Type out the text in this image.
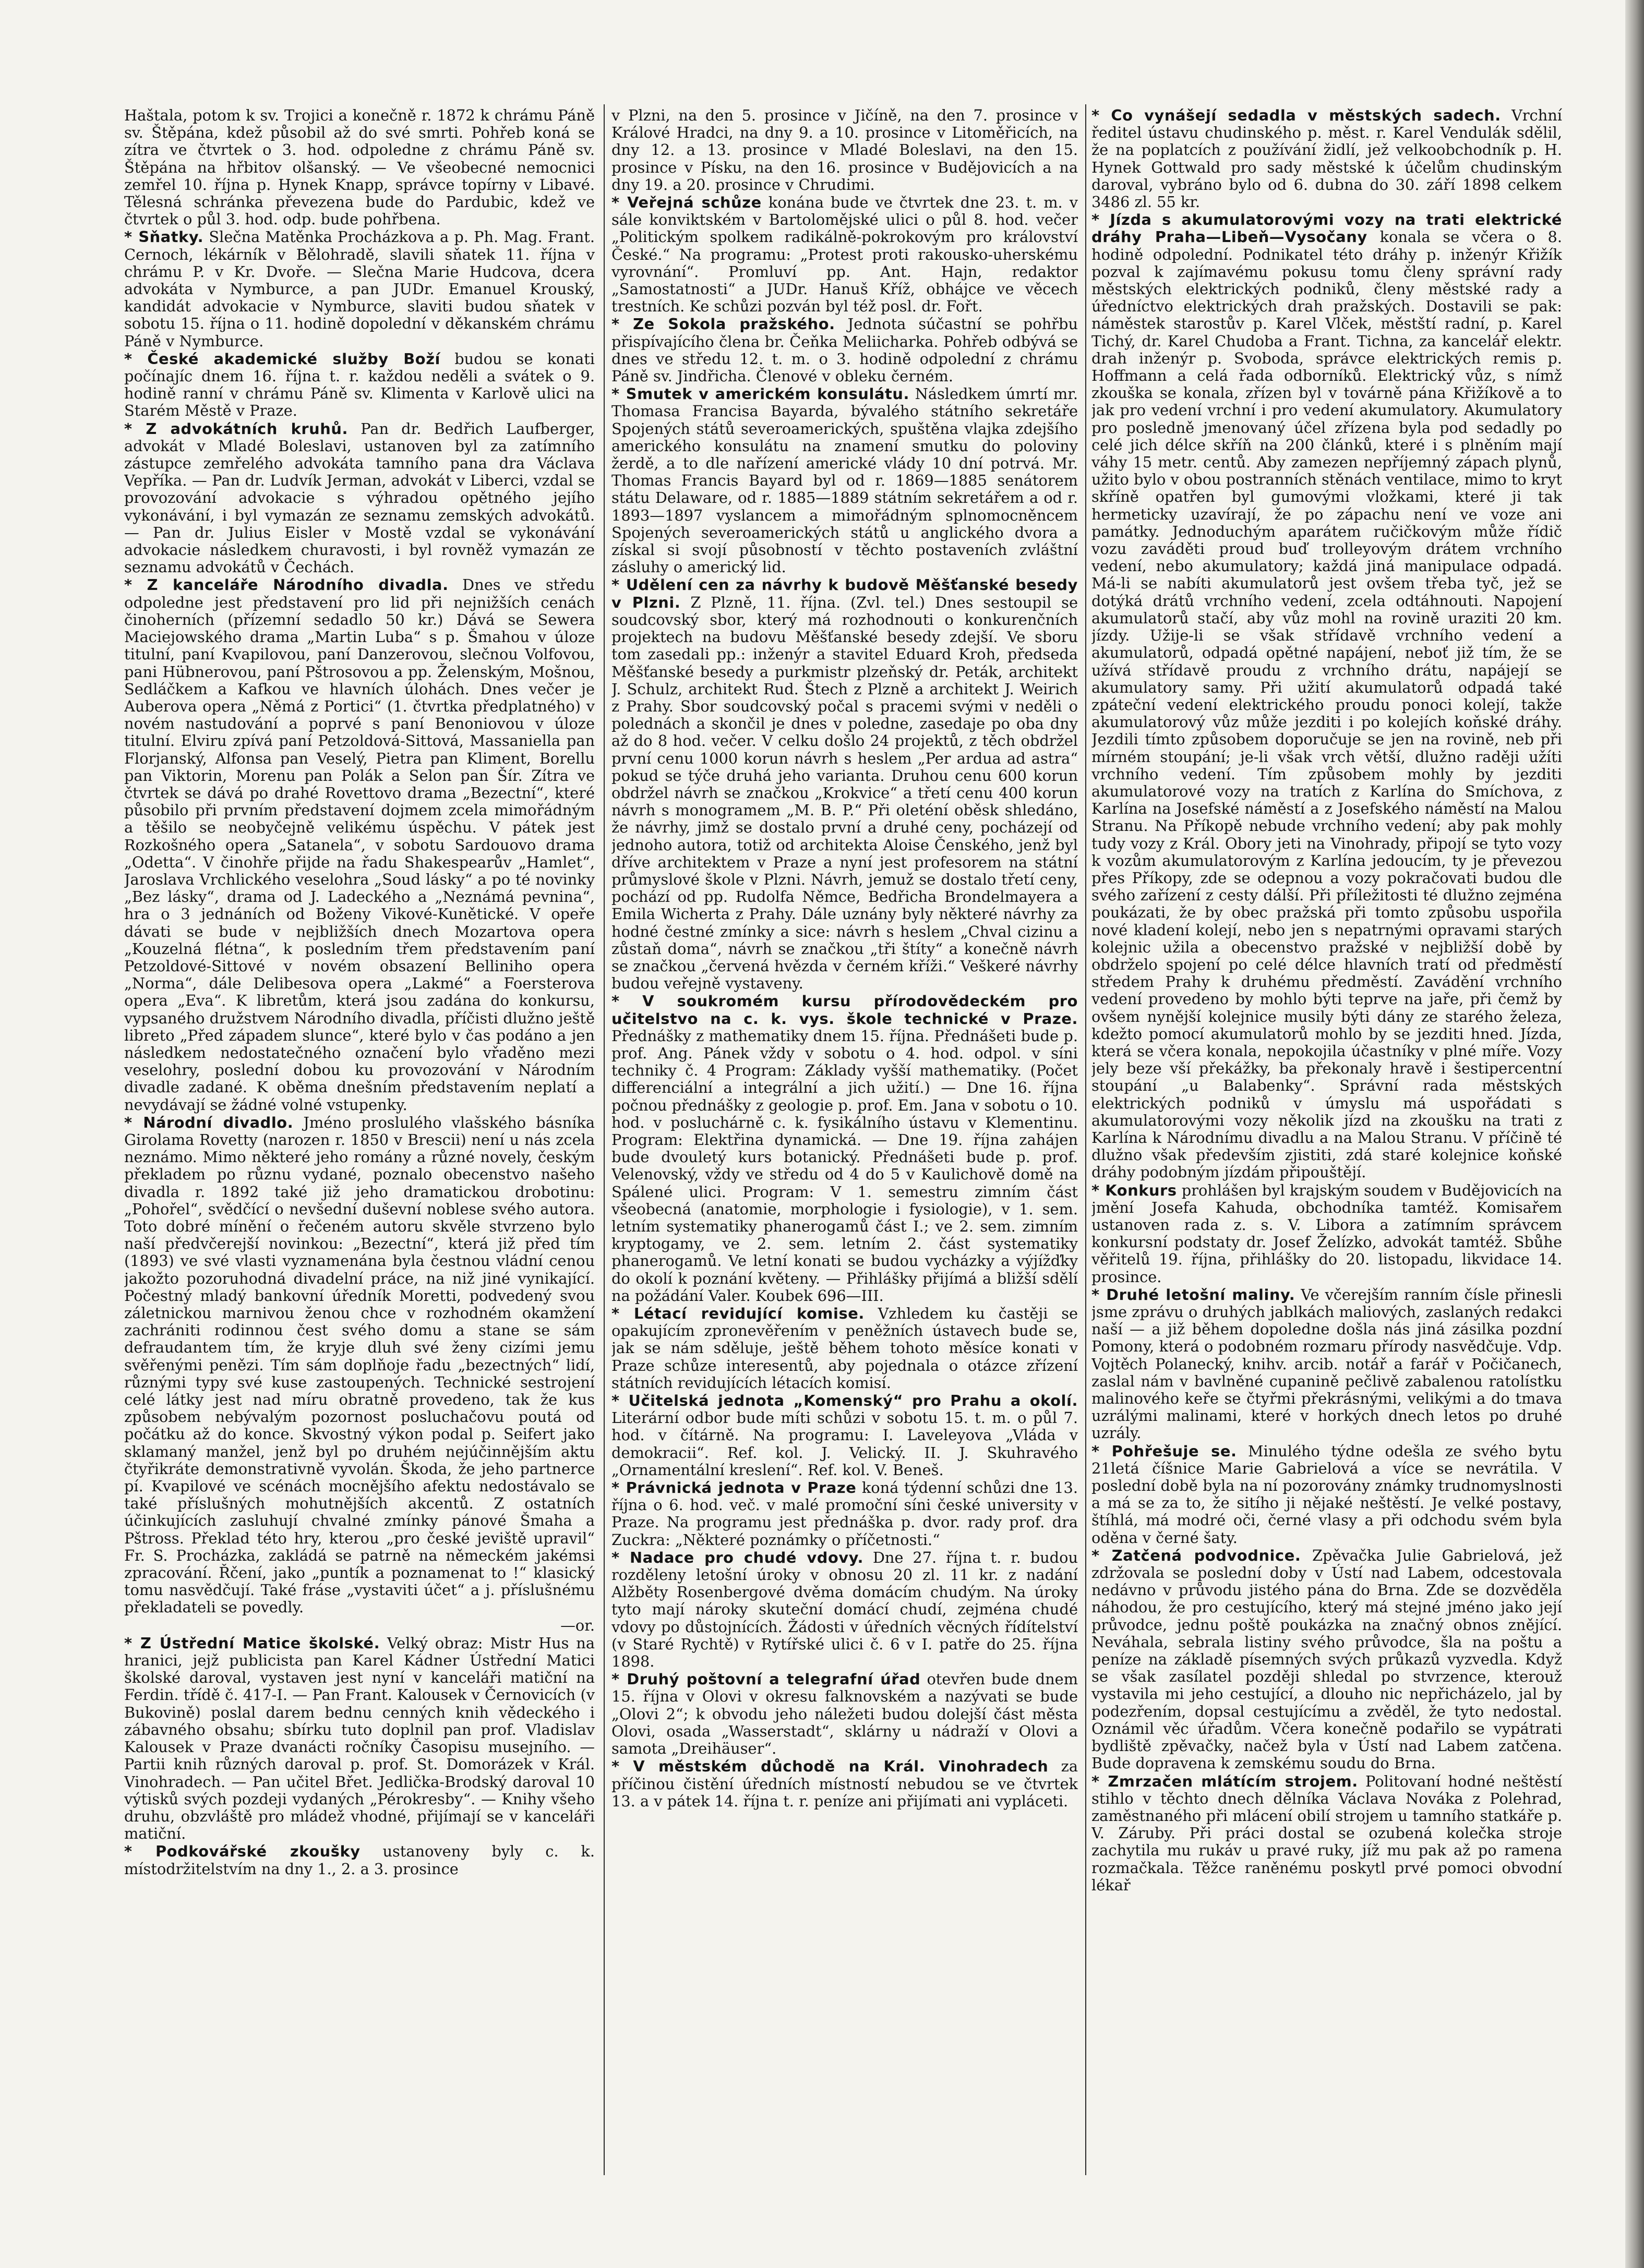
Haštala, potom k sv. Trojici a konečně r. 1872 k chrámu Páně sv. Štěpána, kdež působil až do své smrti. Pohřeb koná se zítra ve čtvrtek o 3. hod. odpoledne z chrámu Páně sv. Štěpána na hřbitov olšanský. — Ve všeobecné nemocnici zemřel 10. října p. Hynek Knapp, správce topírny v Libavé. Tělesná schránka převezena bude do Pardubic, kdež ve čtvrtek o půl 3. hod. odp. bude pohřbena.

* Sňatky. Slečna Matěnka Procházkova a p. Ph. Mag. Frant. Cernoch, lékárník v Bělohradě, slavili sňatek 11. října v chrámu P. v Kr. Dvoře. — Slečna Marie Hudcova, dcera advokáta v Nymburce, a pan JUDr. Emanuel Krouský, kandidát advokacie v Nymburce, slaviti budou sňatek v sobotu 15. října o 11. hodině dopolední v děkanském chrámu Páně v Nymburce.

* České akademické služby Boží budou se konati počínajíc dnem 16. října t. r. každou neděli a svátek o 9. hodině ranní v chrámu Páně sv. Klimenta v Karlově ulici na Starém Městě v Praze.

* Z advokátních kruhů. Pan dr. Bedřich Laufberger, advokát v Mladé Boleslavi, ustanoven byl za zatímního zástupce zemřelého advokáta tamního pana dra Václava Vepříka. — Pan dr. Ludvík Jerman, advokát v Liberci, vzdal se provozování advokacie s výhradou opětného jejího vykonávání, i byl vymazán ze seznamu zemských advokátů. — Pan dr. Julius Eisler v Mostě vzdal se vykonávání advokacie následkem churavosti, i byl rovněž vymazán ze seznamu advokátů v Čechách.

* Z kanceláře Národního divadla. Dnes ve středu odpoledne jest představení pro lid při nejnižších cenách činoherních (přízemní sedadlo 50 kr.) Dává se Sewera Maciejowského drama „Martin Luba“ s p. Šmahou v úloze titulní, paní Kvapilovou, paní Danzerovou, slečnou Volfovou, pani Hübnerovou, paní Pštrosovou a pp. Želenským, Mošnou, Sedláčkem a Kafkou ve hlavních úlohách. Dnes večer je Auberova opera „Němá z Portici“ (1. čtvrtka předplatného) v novém nastudování a poprvé s paní Benoniovou v úloze titulní. Elviru zpívá paní Petzoldová-Sittová, Massaniella pan Florjanský, Alfonsa pan Veselý, Pietra pan Kliment, Borellu pan Viktorin, Morenu pan Polák a Selon pan Šír. Zítra ve čtvrtek se dává po drahé Rovettovo drama „Bezectní“, které působilo při prvním představení dojmem zcela mimořádným a těšilo se neobyčejně velikému úspěchu. V pátek jest Rozkošného opera „Satanela“, v sobotu Sardouovo drama „Odetta“. V činohře přijde na řadu Shakespearův „Hamlet“, Jaroslava Vrchlického veselohra „Soud lásky“ a po té novinky „Bez lásky“, drama od J. Ladeckého a „Neznámá pevnina“, hra o 3 jednáních od Boženy Vikové-Kunětické. V opeře dávati se bude v nejbližších dnech Mozartova opera „Kouzelná flétna“, k posledním třem představením paní Petzoldové-Sittové v novém obsazení Belliniho opera „Norma“, dále Delibesova opera „Lakmé“ a Foersterova opera „Eva“. K libretům, která jsou zadána do konkursu, vypsaného družstvem Národního divadla, příčisti dlužno ještě libreto „Před západem slunce“, které bylo v čas podáno a jen následkem nedostatečného označení bylo vřaděno mezi veselohry, poslední dobou ku provozování v Národním divadle zadané. K oběma dnešním představením neplatí a nevydávají se žádné volné vstupenky.

* Národní divadlo. Jméno proslulého vlašského básníka Girolama Rovetty (narozen r. 1850 v Brescii) není u nás zcela neznámo. Mimo některé jeho romány a různé novely, českým překladem po různu vydané, poznalo obecenstvo našeho divadla r. 1892 také již jeho dramatickou drobotinu: „Pohořel“, svědčící o nevšední duševní noblese svého autora. Toto dobré mínění o řečeném autoru skvěle stvrzeno bylo naší předvčerejší novinkou: „Bezectní“, která již před tím (1893) ve své vlasti vyznamenána byla čestnou vládní cenou jakožto pozoruhodná divadelní práce, na niž jiné vynikající. Počestný mladý bankovní úředník Moretti, podvedený svou záletnickou marnivou ženou chce v rozhodném okamžení zachrániti rodinnou čest svého domu a stane se sám defraudantem tím, že kryje dluh své ženy cizími jemu svěřenými penězi. Tím sám doplňoje řadu „bezectných“ lidí, různými typy své kuse zastoupených. Technické sestrojení celé látky jest nad míru obratně provedeno, tak že kus způsobem nebývalým pozornost posluchačovu poutá od počátku až do konce. Skvostný výkon podal p. Seifert jako sklamaný manžel, jenž byl po druhém nejúčinnějším aktu čtyřikráte demonstrativně vyvolán. Škoda, že jeho partnerce pí. Kvapilové ve scénách mocnějšího afektu nedostávalo se také příslušných mohutnějších akcentů. Z ostatních účinkujících zasluhují chvalné zmínky pánové Šmaha a Pštross. Překlad této hry, kterou „pro české jeviště upravil“ Fr. S. Procházka, zakládá se patrně na německém jakémsi zpracování. Řčení, jako „puntík a poznamenat to !“ klasický tomu nasvědčují. Také fráse „vystaviti účet“ a j. příslušnému překladateli se povedly.

—or.

* Z Ústřední Matice školské. Velký obraz: Mistr Hus na hranici, jejž publicista pan Karel Kádner Ústřední Matici školské daroval, vystaven jest nyní v kanceláři matiční na Ferdin. třídě č. 417-I. — Pan Frant. Kalousek v Černovicích (v Bukovině) poslal darem bednu cenných knih vědeckého i zábavného obsahu; sbírku tuto doplnil pan prof. Vladislav Kalousek v Praze dvanácti ročníky Časopisu musejního. — Partii knih různých daroval p. prof. St. Domorázek v Král. Vinohradech. — Pan učitel Břet. Jedlička-Brodský daroval 10 výtisků svých pozdeji vydaných „Pérokresby“. — Knihy všeho druhu, obzvláště pro mládež vhodné, přijímají se v kanceláři matiční.

* Podkovářské zkoušky ustanoveny byly c. k. místodržitelstvím na dny 1., 2. a 3. prosince

v Plzni, na den 5. prosince v Jičíně, na den 7. prosince v Králové Hradci, na dny 9. a 10. prosince v Litoměřicích, na dny 12. a 13. prosince v Mladé Boleslavi, na den 15. prosince v Písku, na den 16. prosince v Budějovicích a na dny 19. a 20. prosince v Chrudimi.

* Veřejná schůze konána bude ve čtvrtek dne 23. t. m. v sále konviktském v Bartolomějské ulici o půl 8. hod. večer „Politickým spolkem radikálně-pokrokovým pro království České.“ Na programu: „Protest proti rakousko-uherskému vyrovnání“. Promluví pp. Ant. Hajn, redaktor „Samostatnosti“ a JUDr. Hanuš Kříž, obhájce ve věcech trestních. Ke schůzi pozván byl též posl. dr. Fořt.

* Ze Sokola pražského. Jednota súčastní se pohřbu přispívajícího člena br. Čeňka Meliicharka. Pohřeb odbývá se dnes ve středu 12. t. m. o 3. hodině odpolední z chrámu Páně sv. Jindřicha. Členové v obleku černém.

* Smutek v americkém konsulátu. Následkem úmrtí mr. Thomasa Francisa Bayarda, bývalého státního sekretáře Spojených států severoamerických, spuštěna vlajka zdejšího amerického konsulátu na znamení smutku do poloviny žerdě, a to dle nařízení americké vlády 10 dní potrvá. Mr. Thomas Francis Bayard byl od r. 1869—1885 senátorem státu Delaware, od r. 1885—1889 státním sekretářem a od r. 1893—1897 vyslancem a mimořádným splnomocněncem Spojených severoamerických států u anglického dvora a získal si svojí působností v těchto postaveních zvláštní zásluhy o americký lid.

* Udělení cen za návrhy k budově Měšťanské besedy v Plzni. Z Plzně, 11. října. (Zvl. tel.) Dnes sestoupil se soudcovský sbor, který má rozhodnouti o konkurenčních projektech na budovu Měšťanské besedy zdejší. Ve sboru tom zasedali pp.: inženýr a stavitel Eduard Kroh, předseda Měšťanské besedy a purkmistr plzeňský dr. Peták, architekt J. Schulz, architekt Rud. Štech z Plzně a architekt J. Weirich z Prahy. Sbor soudcovský počal s pracemi svými v neděli o polednách a skončil je dnes v poledne, zasedaje po oba dny až do 8 hod. večer. V celku došlo 24 projektů, z těch obdržel první cenu 1000 korun návrh s heslem „Per ardua ad astra“ pokud se týče druhá jeho varianta. Druhou cenu 600 korun obdržel návrh se značkou „Krokvice“ a třetí cenu 400 korun návrh s monogramem „M. B. P.“ Při oleténí oběsk shledáno, že návrhy, jimž se dostalo první a druhé ceny, pocházejí od jednoho autora, totiž od architekta Aloise Čenského, jenž byl dříve architektem v Praze a nyní jest profesorem na státní průmyslové škole v Plzni. Návrh, jemuž se dostalo třetí ceny, pochází od pp. Rudolfa Němce, Bedřicha Brondelmayera a Emila Wicherta z Prahy. Dále uznány byly některé návrhy za hodné čestné zmínky a sice: návrh s heslem „Chval cizinu a zůstaň doma“, návrh se značkou „tři štíty“ a konečně návrh se značkou „červená hvězda v černém kříži.“ Veškeré návrhy budou veřejně vystaveny.

* V soukromém kursu přírodovědeckém pro učitelstvo na c. k. vys. škole technické v Praze. Přednášky z mathematiky dnem 15. října. Přednášeti bude p. prof. Ang. Pánek vždy v sobotu o 4. hod. odpol. v síni techniky č. 4 Program: Základy vyšší mathematiky. (Počet differenciální a integrální a jich užití.) — Dne 16. října počnou přednášky z geologie p. prof. Em. Jana v sobotu o 10. hod. v posluchárně c. k. fysikálního ústavu v Klementinu. Program: Elektřina dynamická. — Dne 19. října zahájen bude dvouletý kurs botanický. Přednášeti bude p. prof. Velenovský, vždy ve středu od 4 do 5 v Kaulichově domě na Spálené ulici. Program: V 1. semestru zimním část všeobecná (anatomie, morphologie i fysiologie), v 1. sem. letním systematiky phanerogamů část I.; ve 2. sem. zimním kryptogamy, ve 2. sem. letním 2. část systematiky phanerogamů. Ve letní konati se budou vycházky a výjížďky do okolí k poznání květeny. — Přihlášky přijímá a bližší sdělí na požádání Valer. Koubek 696—III.

* Létací revidující komise. Vzhledem ku častěji se opakujícím zpronevěřením v peněžních ústavech bude se, jak se nám sděluje, ještě během tohoto měsíce konati v Praze schůze interesentů, aby pojednala o otázce zřízení státních revidujících létacích komisí.

* Učitelská jednota „Komenský“ pro Prahu a okolí. Literární odbor bude míti schůzi v sobotu 15. t. m. o půl 7. hod. v čítárně. Na programu: I. Laveleyova „Vláda v demokracii“. Ref. kol. J. Velický. II. J. Skuhravého „Ornamentální kreslení“. Ref. kol. V. Beneš.

* Právnická jednota v Praze koná týdenní schůzi dne 13. října o 6. hod. več. v malé promoční síni české university v Praze. Na programu jest přednáška p. dvor. rady prof. dra Zuckra: „Některé poznámky o příčetnosti.“

* Nadace pro chudé vdovy. Dne 27. října t. r. budou rozděleny letošní úroky v obnosu 20 zl. 11 kr. z nadání Alžběty Rosenbergové dvěma domácím chudým. Na úroky tyto mají nároky skuteční domácí chudí, zejména chudé vdovy po důstojnících. Žádosti v úředních věcných řídítelství (v Staré Rychtě) v Rytířské ulici č. 6 v I. patře do 25. října 1898.

* Druhý poštovní a telegrafní úřad otevřen bude dnem 15. října v Olovi v okresu falknovském a nazývati se bude „Olovi 2“; k obvodu jeho náležeti budou dolejší část města Olovi, osada „Wasserstadt“, sklárny u nádraží v Olovi a samota „Dreihäuser“.

* V městském důchodě na Král. Vinohradech za příčinou čistění úředních místností nebudou se ve čtvrtek 13. a v pátek 14. října t. r. peníze ani přijímati ani vypláceti.

* Co vynášejí sedadla v městských sadech. Vrchní ředitel ústavu chudinského p. měst. r. Karel Vendulák sdělil, že na poplatcích z používání židlí, jež velkoobchodník p. H. Hynek Gottwald pro sady městské k účelům chudinským daroval, vybráno bylo od 6. dubna do 30. září 1898 celkem 3486 zl. 55 kr.

* Jízda s akumulatorovými vozy na trati elektrické dráhy Praha—Libeň—Vysočany konala se včera o 8. hodině odpolední. Podnikatel této dráhy p. inženýr Křižík pozval k zajímavému pokusu tomu členy správní rady městských elektrických podniků, členy městské rady a úředníctvo elektrických drah pražských. Dostavili se pak: náměstek starostův p. Karel Vlček, městští radní, p. Karel Tichý, dr. Karel Chudoba a Frant. Tichna, za kancelář elektr. drah inženýr p. Svoboda, správce elektrických remis p. Hoffmann a celá řada odborníků. Elektrický vůz, s nímž zkouška se konala, zřízen byl v továrně pána Křižíkově a to jak pro vedení vrchní i pro vedení akumulatory. Akumulatory pro posledně jmenovaný účel zřízena byla pod sedadly po celé jich délce skříň na 200 článků, které i s plněním mají váhy 15 metr. centů. Aby zamezen nepříjemný zápach plynů, užito bylo v obou postranních stěnách ventilace, mimo to kryt skříně opatřen byl gumovými vložkami, které ji tak hermeticky uzavírají, že po zápachu není ve voze ani památky. Jednoduchým aparátem ručičkovým může řídič vozu zaváděti proud buď trolleyovým drátem vrchního vedení, nebo akumulatory; každá jiná manipulace odpadá. Má-li se nabíti akumulatorů jest ovšem třeba tyč, jež se dotýká drátů vrchního vedení, zcela odtáhnouti. Napojení akumulatorů stačí, aby vůz mohl na rovině uraziti 20 km. jízdy. Užije-li se však střídavě vrchního vedení a akumulatorů, odpadá opětné napájení, neboť již tím, že se užívá střídavě proudu z vrchního drátu, napájejí se akumulatory samy. Při užití akumulatorů odpadá také zpáteční vedení elektrického proudu ponoci kolejí, takže akumulatorový vůz může jezditi i po kolejích koňské dráhy. Jezdili tímto způsobem doporučuje se jen na rovině, neb při mírném stoupání; je-li však vrch větší, dlužno raději užíti vrchního vedení. Tím způsobem mohly by jezditi akumulatorové vozy na tratích z Karlína do Smíchova, z Karlína na Josefské náměstí a z Josefského náměstí na Malou Stranu. Na Příkopě nebude vrchního vedení; aby pak mohly tudy vozy z Král. Obory jeti na Vinohrady, připojí se tyto vozy k vozům akumulatorovým z Karlína jedoucím, ty je převezou přes Příkopy, zde se odepnou a vozy pokračovati budou dle svého zařízení z cesty dálší. Při příležitosti té dlužno zejména poukázati, že by obec pražská při tomto způsobu uspořila nové kladení kolejí, nebo jen s nepatrnými opravami starých kolejnic užila a obecenstvo pražské v nejbližší době by obdrželo spojení po celé délce hlavních tratí od předměstí středem Prahy k druhému předměstí. Zavádění vrchního vedení provedeno by mohlo býti teprve na jaře, při čemž by ovšem nynější kolejnice musily býti dány ze starého železa, kdežto pomocí akumulatorů mohlo by se jezditi hned. Jízda, která se včera konala, nepokojila účastníky v plné míře. Vozy jely beze vší překážky, ba překonaly hravě i šestipercentní stoupání „u Balabenky“. Správní rada městských elektrických podniků v úmyslu má uspořádati s akumulatorovými vozy několik jízd na zkoušku na trati z Karlína k Národnímu divadlu a na Malou Stranu. V příčině té dlužno však především zjistiti, zdá staré kolejnice koňské dráhy podobným jízdám připouštějí.

* Konkurs prohlášen byl krajským soudem v Budějovicích na jmění Josefa Kahuda, obchodníka tamtéž. Komisařem ustanoven rada z. s. V. Libora a zatímním správcem konkursní podstaty dr. Josef Želízko, advokát tamtéž. Sbůhe věřitelů 19. října, přihlášky do 20. listopadu, likvidace 14. prosince.

* Druhé letošní maliny. Ve včerejším ranním čísle přinesli jsme zprávu o druhých jablkách maliových, zaslaných redakci naší — a již během dopoledne došla nás jiná zásilka pozdní Pomony, která o podobném rozmaru přírody nasvědčuje. Vdp. Vojtěch Polanecký, knihv. arcib. notář a farář v Počičanech, zaslal nám v bavlněné cupanině pečlivě zabalenou ratolístku malinového keře se čtyřmi překrásnými, velikými a do tmava uzrálými malinami, které v horkých dnech letos po druhé uzrály.

* Pohřešuje se. Minulého týdne odešla ze svého bytu 21letá číšnice Marie Gabrielová a více se nevrátila. V poslední době byla na ní pozorovány známky trudnomyslnosti a má se za to, že sitího ji nějaké neštěstí. Je velké postavy, štíhlá, má modré oči, černé vlasy a při odchodu svém byla oděna v černé šaty.

* Zatčená podvodnice. Zpěvačka Julie Gabrielová, jež zdržovala se poslední doby v Ústí nad Labem, odcestovala nedávno v průvodu jistého pána do Brna. Zde se dozvěděla náhodou, že pro cestujícího, který má stejné jméno jako její průvodce, jednu poště poukázka na značný obnos znějící. Neváhala, sebrala listiny svého průvodce, šla na poštu a peníze na základě písemných svých průkazů vyzvedla. Když se však zasílatel později shledal po stvrzence, kterouž vystavila mi jeho cestující, a dlouho nic nepřicházelo, jal by podezřením, dopsal cestujícímu a zvěděl, že tyto nedostal. Oznámil věc úřadům. Včera konečně podařilo se vypátrati bydliště zpěvačky, načež byla v Ústí nad Labem zatčena. Bude dopravena k zemskému soudu do Brna.

* Zmrzačen mlátícím strojem. Politovaní hodné neštěstí stihlo v těchto dnech dělníka Václava Nováka z Polehrad, zaměstnaného při mlácení obilí strojem u tamního statkáře p. V. Záruby. Při práci dostal se ozubená kolečka stroje zachytila mu rukáv u pravé ruky, jíž mu pak až po ramena rozmačkala. Těžce raněnému poskytl prvé pomoci obvodní lékař
